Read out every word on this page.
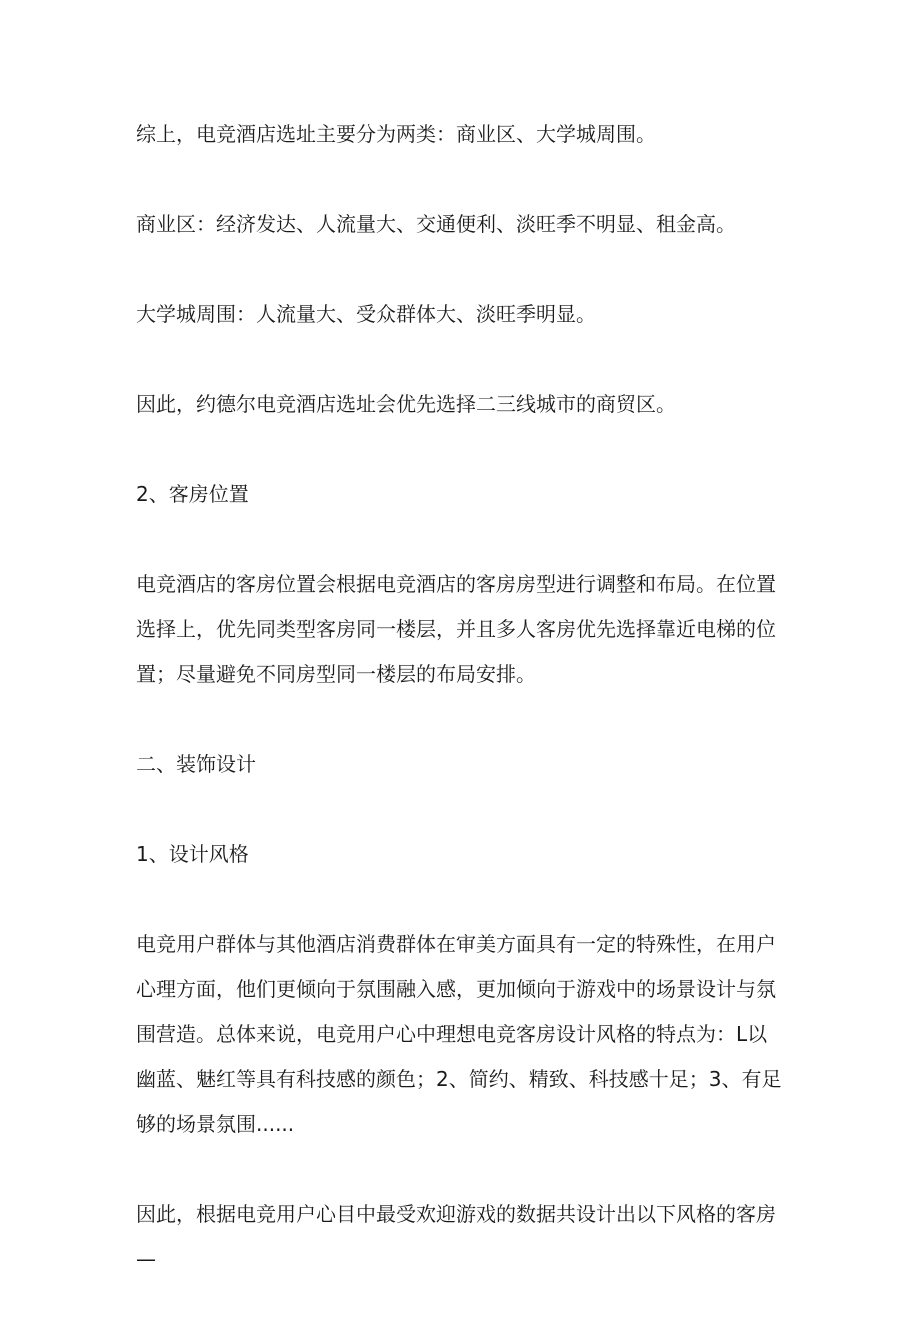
综上，电竞酒店选址主要分为两类：商业区、大学城周围。

商业区：经济发达、人流量大、交通便利、淡旺季不明显、租金高。

大学城周围：人流量大、受众群体大、淡旺季明显。

因此，约德尔电竞酒店选址会优先选择二三线城市的商贸区。

2、客房位置

电竞酒店的客房位置会根据电竞酒店的客房房型进行调整和布局。在位置
选择上，优先同类型客房同一楼层，并且多人客房优先选择靠近电梯的位
置；尽量避免不同房型同一楼层的布局安排。

二、装饰设计

1、设计风格

电竞用户群体与其他酒店消费群体在审美方面具有一定的特殊性，在用户
心理方面，他们更倾向于氛围融入感，更加倾向于游戏中的场景设计与氛
围营造。总体来说，电竞用户心中理想电竞客房设计风格的特点为：L以
幽蓝、魅红等具有科技感的颜色；2、简约、精致、科技感十足；3、有足
够的场景氛围......

因此，根据电竞用户心目中最受欢迎游戏的数据共设计出以下风格的客房
—
